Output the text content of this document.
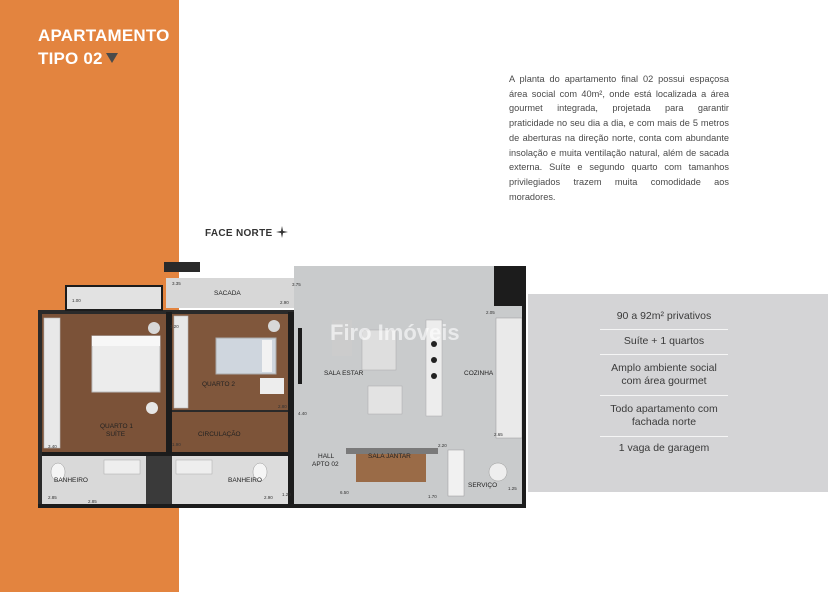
APARTAMENTO
TIPO 02

A planta do apartamento final 02 possui espaçosa área social com 40m², onde está localizada a área gourmet integrada, projetada para garantir praticidade no seu dia a dia, e com mais de 5 metros de aberturas na direção norte, conta com abundante insolação e muita ventilação natural, além de sacada externa. Suíte e segundo quarto com tamanhos privilegiados trazem muita comodidade aos moradores.

FACE NORTE
90 a 92m² privativos
Suíte + 1 quartos
Amplo ambiente social com área gourmet
Todo apartamento com fachada norte
1 vaga de garagem
Firo Imóveis
SACADA
QUARTO 2
QUARTO 1
SUÍTE	CIRCULAÇÃO
BANHEIRO	BANHEIRO
SALA ESTAR	COZINHA
HALL
APTO 02
SALA JANTAR
SERVIÇO
3.35	3.75
1.00	2.90
3.20
4.40
2.80
3.40	1.90	2.20
2.85	2.90
2.65
1.20	6.50
1.70
1.25
2.85
2.05
